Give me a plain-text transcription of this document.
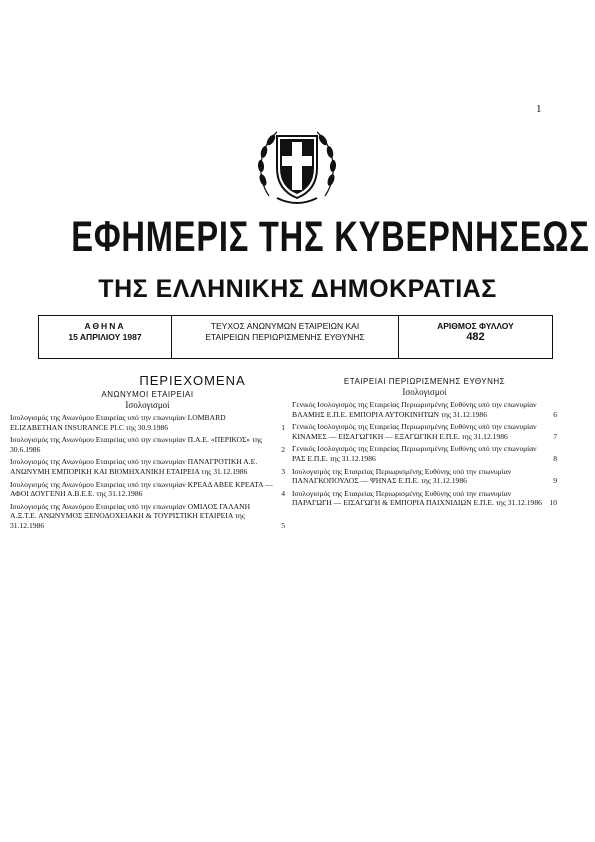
1
ΕΦΗΜΕΡΙΣ ΤΗΣ ΚΥΒΕΡΝΗΣΕΩΣ
ΤΗΣ ΕΛΛΗΝΙΚΗΣ ΔΗΜΟΚΡΑΤΙΑΣ
ΑΘΗΝΑ
15 ΑΠΡΙΛΙΟΥ 1987
ΤΕΥΧΟΣ ΑΝΩΝΥΜΩΝ ΕΤΑΙΡΕΙΩΝ ΚΑΙ
ΕΤΑΙΡΕΙΩΝ ΠΕΡΙΩΡΙΣΜΕΝΗΣ ΕΥΘΥΝΗΣ
ΑΡΙΘΜΟΣ ΦΥΛΛΟΥ
482
ΠΕΡΙΕΧΟΜΕΝΑ
ΑΝΩΝΥΜΟΙ ΕΤΑΙΡΕΙΑΙ
Ισολογισμοί
Ισολογισμός της Ανωνύμου Εταιρείας υπό την επωνυμίαν LOMBARD ELIZABETHAN INSURANCE PLC της 30.9.1986	1
Ισολογισμός της Ανωνύμου Εταιρείας υπό την επωνυμίαν Π.Α.Ε. «ΠΕΡΙΚΟΣ» της 30.6.1986	2
Ισολογισμός της Ανωνύμου Εταιρείας υπό την επωνυμίαν ΠΑΝΑΓΡΟΤΙΚΗ Α.Ε. ΑΝΩΝΥΜΗ ΕΜΠΟΡΙΚΗ ΚΑΙ ΒΙΟΜΗΧΑΝΙΚΗ ΕΤΑΙΡΕΙΑ της 31.12.1986	3
Ισολογισμός της Ανωνύμου Εταιρείας υπό την επωνυμίαν ΚΡΕΑΔ ΑΒΕΕ ΚΡΕΑΤΑ — ΑΦΟΙ ΔΟΥΓΕΝΗ Α.Β.Ε.Ε. της 31.12.1986	4
Ισολογισμός της Ανωνύμου Εταιρείας υπό την επωνυμίαν ΟΜΙΛΟΣ ΓΑΛΑΝΗ Α.Ξ.Τ.Ε. ΑΝΩΝΥΜΟΣ ΞΕΝΟΔΟΧΕΙΑΚΗ & ΤΟΥΡΙΣΤΙΚΗ ΕΤΑΙΡΕΙΑ της 31.12.1986	5
ΕΤΑΙΡΕΙΑΙ ΠΕΡΙΩΡΙΣΜΕΝΗΣ ΕΥΘΥΝΗΣ
Ισολογισμοί
Γενικός Ισολογισμός της Εταιρείας Περιωρισμένης Ευθύνης υπό την επωνυμίαν ΒΛΑΜΗΣ Ε.Π.Ε. ΕΜΠΟΡΙΑ ΑΥΤΟΚΙΝΗΤΩΝ της 31.12.1986	6
Γενικός Ισολογισμός της Εταιρείας Περιωρισμένης Ευθύνης υπό την επωνυμίαν ΚΙΝΑΜΕΣ — ΕΙΣΑΓΩΓΙΚΗ — ΕΞΑΓΩΓΙΚΗ Ε.Π.Ε. της 31.12.1986	7
Γενικός Ισολογισμός της Εταιρείας Περιωρισμένης Ευθύνης υπό την επωνυμίαν ΡΑΣ Ε.Π.Ε. της 31.12.1986	8
Ισολογισμός της Εταιρείας Περιωρισμένης Ευθύνης υπό την επωνυμίαν ΠΑΝΑΓΚΟΠΟΥΛΟΣ — ΨΗΝΑΣ Ε.Π.Ε. της 31.12.1986	9
Ισολογισμός της Εταιρείας Περιωρισμένης Ευθύνης υπό την επωνυμίαν ΠΑΡΑΓΩΓΗ — ΕΙΣΑΓΩΓΗ & ΕΜΠΟΡΙΑ ΠΑΙΧΝΙΔΙΩΝ Ε.Π.Ε. της 31.12.1986 10
